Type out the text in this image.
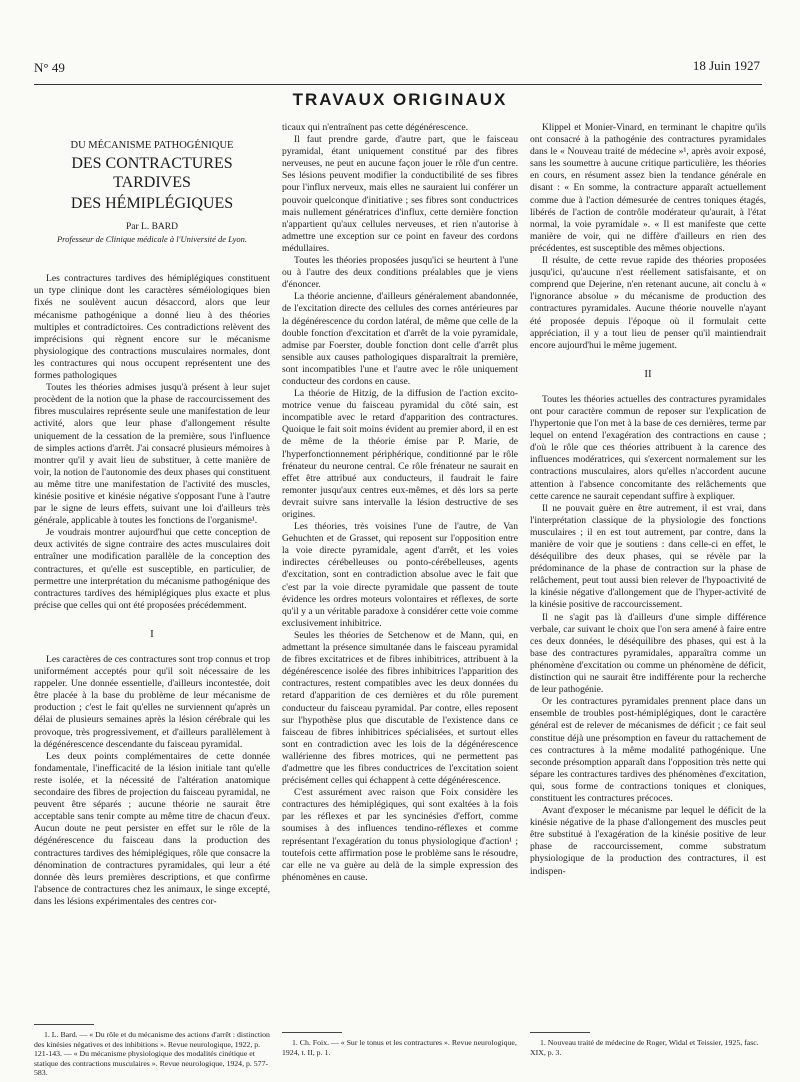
N° 49	18 Juin 1927
TRAVAUX ORIGINAUX
DU MÉCANISME PATHOGÉNIQUE
DES CONTRACTURES TARDIVES
DES HÉMIPLÉGIQUES
Par L. BARD
Professeur de Clinique médicale à l'Université de Lyon.

Les contractures tardives des hémiplégiques constituent un type clinique dont les caractères séméiologiques bien fixés ne soulèvent aucun désaccord, alors que leur mécanisme pathogénique a donné lieu à des théories multiples et contradictoires. Ces contradictions relèvent des imprécisions qui règnent encore sur le mécanisme physiologique des contractions musculaires normales, dont les contractures qui nous occupent représentent une des formes pathologiques

Toutes les théories admises jusqu'à présent à leur sujet procèdent de la notion que la phase de raccourcissement des fibres musculaires représente seule une manifestation de leur activité, alors que leur phase d'allongement résulte uniquement de la cessation de la première, sous l'influence de simples actions d'arrêt. J'ai consacré plusieurs mémoires à montrer qu'il y avait lieu de substituer, à cette manière de voir, la notion de l'autonomie des deux phases qui constituent au même titre une manifestation de l'activité des muscles, kinésie positive et kinésie négative s'opposant l'une à l'autre par le signe de leurs effets, suivant une loi d'ailleurs très générale, applicable à toutes les fonctions de l'organisme¹.

Je voudrais montrer aujourd'hui que cette conception de deux activités de signe contraire des actes musculaires doit entraîner une modification parallèle de la conception des contractures, et qu'elle est susceptible, en particulier, de permettre une interprétation du mécanisme pathogénique des contractures tardives des hémiplégiques plus exacte et plus précise que celles qui ont été proposées précédemment.

I

Les caractères de ces contractures sont trop connus et trop uniformément acceptés pour qu'il soit nécessaire de les rappeler. Une donnée essentielle, d'ailleurs incontestée, doit être placée à la base du problème de leur mécanisme de production ; c'est le fait qu'elles ne surviennent qu'après un délai de plusieurs semaines après la lésion cérébrale qui les provoque, très progressivement, et d'ailleurs parallèlement à la dégénérescence descendante du faisceau pyramidal.

Les deux points complémentaires de cette donnée fondamentale, l'inefficacité de la lésion initiale tant qu'elle reste isolée, et la nécessité de l'altération anatomique secondaire des fibres de projection du faisceau pyramidal, ne peuvent être séparés ; aucune théorie ne saurait être acceptable sans tenir compte au même titre de chacun d'eux. Aucun doute ne peut persister en effet sur le rôle de la dégénérescence du faisceau dans la production des contractures tardives des hémiplégiques, rôle que consacre la dénomination de contractures pyramidales, qui leur a été donnée dès leurs premières descriptions, et que confirme l'absence de contractures chez les animaux, le singe excepté, dans les lésions expérimentales des centres cor-

ticaux qui n'entraînent pas cette dégénérescence.

Il faut prendre garde, d'autre part, que le faisceau pyramidal, étant uniquement constitué par des fibres nerveuses, ne peut en aucune façon jouer le rôle d'un centre. Ses lésions peuvent modifier la conductibilité de ses fibres pour l'influx nerveux, mais elles ne sauraient lui conférer un pouvoir quelconque d'initiative ; ses fibres sont conductrices mais nullement génératrices d'influx, cette dernière fonction n'appartient qu'aux cellules nerveuses, et rien n'autorise à admettre une exception sur ce point en faveur des cordons médullaires.

Toutes les théories proposées jusqu'ici se heurtent à l'une ou à l'autre des deux conditions préalables que je viens d'énoncer.

La théorie ancienne, d'ailleurs généralement abandonnée, de l'excitation directe des cellules des cornes antérieures par la dégénérescence du cordon latéral, de même que celle de la double fonction d'excitation et d'arrêt de la voie pyramidale, admise par Foerster, double fonction dont celle d'arrêt plus sensible aux causes pathologiques disparaîtrait la première, sont incompatibles l'une et l'autre avec le rôle uniquement conducteur des cordons en cause.

La théorie de Hitzig, de la diffusion de l'action excito-motrice venue du faisceau pyramidal du côté sain, est incompatible avec le retard d'apparition des contractures. Quoique le fait soit moins évident au premier abord, il en est de même de la théorie émise par P. Marie, de l'hyperfonctionnement périphérique, conditionné par le rôle frénateur du neurone central. Ce rôle frénateur ne saurait en effet être attribué aux conducteurs, il faudrait le faire remonter jusqu'aux centres eux-mêmes, et dès lors sa perte devrait suivre sans intervalle la lésion destructive de ses origines.

Les théories, très voisines l'une de l'autre, de Van Gehuchten et de Grasset, qui reposent sur l'opposition entre la voie directe pyramidale, agent d'arrêt, et les voies indirectes cérébelleuses ou ponto-cérébelleuses, agents d'excitation, sont en contradiction absolue avec le fait que c'est par la voie directe pyramidale que passent de toute évidence les ordres moteurs volontaires et réflexes, de sorte qu'il y a un véritable paradoxe à considérer cette voie comme exclusivement inhibitrice.

Seules les théories de Setchenow et de Mann, qui, en admettant la présence simultanée dans le faisceau pyramidal de fibres excitatrices et de fibres inhibitrices, attribuent à la dégénérescence isolée des fibres inhibitrices l'apparition des contractures, restent compatibles avec les deux données du retard d'apparition de ces dernières et du rôle purement conducteur du faisceau pyramidal. Par contre, elles reposent sur l'hypothèse plus que discutable de l'existence dans ce faisceau de fibres inhibitrices spécialisées, et surtout elles sont en contradiction avec les lois de la dégénérescence wallérienne des fibres motrices, qui ne permettent pas d'admettre que les fibres conductrices de l'excitation soient précisément celles qui échappent à cette dégénérescence.

C'est assurément avec raison que Foix considère les contractures des hémiplégiques, qui sont exaltées à la fois par les réflexes et par les syncinésies d'effort, comme soumises à des influences tendino-réflexes et comme représentant l'exagération du tonus physiologique d'action¹ ; toutefois cette affirmation pose le problème sans le résoudre, car elle ne va guère au delà de la simple expression des phénomènes en cause.

Klippel et Monier-Vinard, en terminant le chapitre qu'ils ont consacré à la pathogénie des contractures pyramidales dans le « Nouveau traité de médecine »¹, après avoir exposé, sans les soumettre à aucune critique particulière, les théories en cours, en résument assez bien la tendance générale en disant : « En somme, la contracture apparaît actuellement comme due à l'action démesurée de centres toniques étagés, libérés de l'action de contrôle modérateur qu'aurait, à l'état normal, la voie pyramidale ». « Il est manifeste que cette manière de voir, qui ne diffère d'ailleurs en rien des précédentes, est susceptible des mêmes objections.

Il résulte, de cette revue rapide des théories proposées jusqu'ici, qu'aucune n'est réellement satisfaisante, et on comprend que Dejerine, n'en retenant aucune, ait conclu à « l'ignorance absolue » du mécanisme de production des contractures pyramidales. Aucune théorie nouvelle n'ayant été proposée depuis l'époque où il formulait cette appréciation, il y a tout lieu de penser qu'il maintiendrait encore aujourd'hui le même jugement.

II

Toutes les théories actuelles des contractures pyramidales ont pour caractère commun de reposer sur l'explication de l'hypertonie que l'on met à la base de ces dernières, terme par lequel on entend l'exagération des contractions en cause ; d'où le rôle que ces théories attribuent à la carence des influences modératrices, qui s'exercent normalement sur les contractions musculaires, alors qu'elles n'accordent aucune attention à l'absence concomitante des relâchements que cette carence ne saurait cependant suffire à expliquer.

Il ne pouvait guère en être autrement, il est vrai, dans l'interprétation classique de la physiologie des fonctions musculaires ; il en est tout autrement, par contre, dans la manière de voir que je soutiens : dans celle-ci en effet, le déséquilibre des deux phases, qui se révèle par la prédominance de la phase de contraction sur la phase de relâchement, peut tout aussi bien relever de l'hypoactivité de la kinésie négative d'allongement que de l'hyper-activité de la kinésie positive de raccourcissement.

Il ne s'agit pas là d'ailleurs d'une simple différence verbale, car suivant le choix que l'on sera amené à faire entre ces deux données, le déséquilibre des phases, qui est à la base des contractures pyramidales, apparaîtra comme un phénomène d'excitation ou comme un phénomène de déficit, distinction qui ne saurait être indifférente pour la recherche de leur pathogénie.

Or les contractures pyramidales prennent place dans un ensemble de troubles post-hémiplégiques, dont le caractère général est de relever de mécanismes de déficit ; ce fait seul constitue déjà une présomption en faveur du rattachement de ces contractures à la même modalité pathogénique. Une seconde présomption apparaît dans l'opposition très nette qui sépare les contractures tardives des phénomènes d'excitation, qui, sous forme de contractions toniques et cloniques, constituent les contractures précoces.

Avant d'exposer le mécanisme par lequel le déficit de la kinésie négative de la phase d'allongement des muscles peut être substitué à l'exagération de la kinésie positive de leur phase de raccourcissement, comme substratum physiologique de la production des contractures, il est indispen-

1. L. Bard. — « Du rôle et du mécanisme des actions d'arrêt : distinction des kinésies négatives et des inhibitions ». Revue neurologique, 1922, p. 121-143. — « Du mécanisme physiologique des modalités cinétique et statique des contractions musculaires ». Revue neurologique, 1924, p. 577-583.

1. Ch. Foix. — « Sur le tonus et les contractures ». Revue neurologique, 1924, t. II, p. 1.

1. Nouveau traité de médecine de Roger, Widal et Teissier, 1925, fasc. XIX, p. 3.
